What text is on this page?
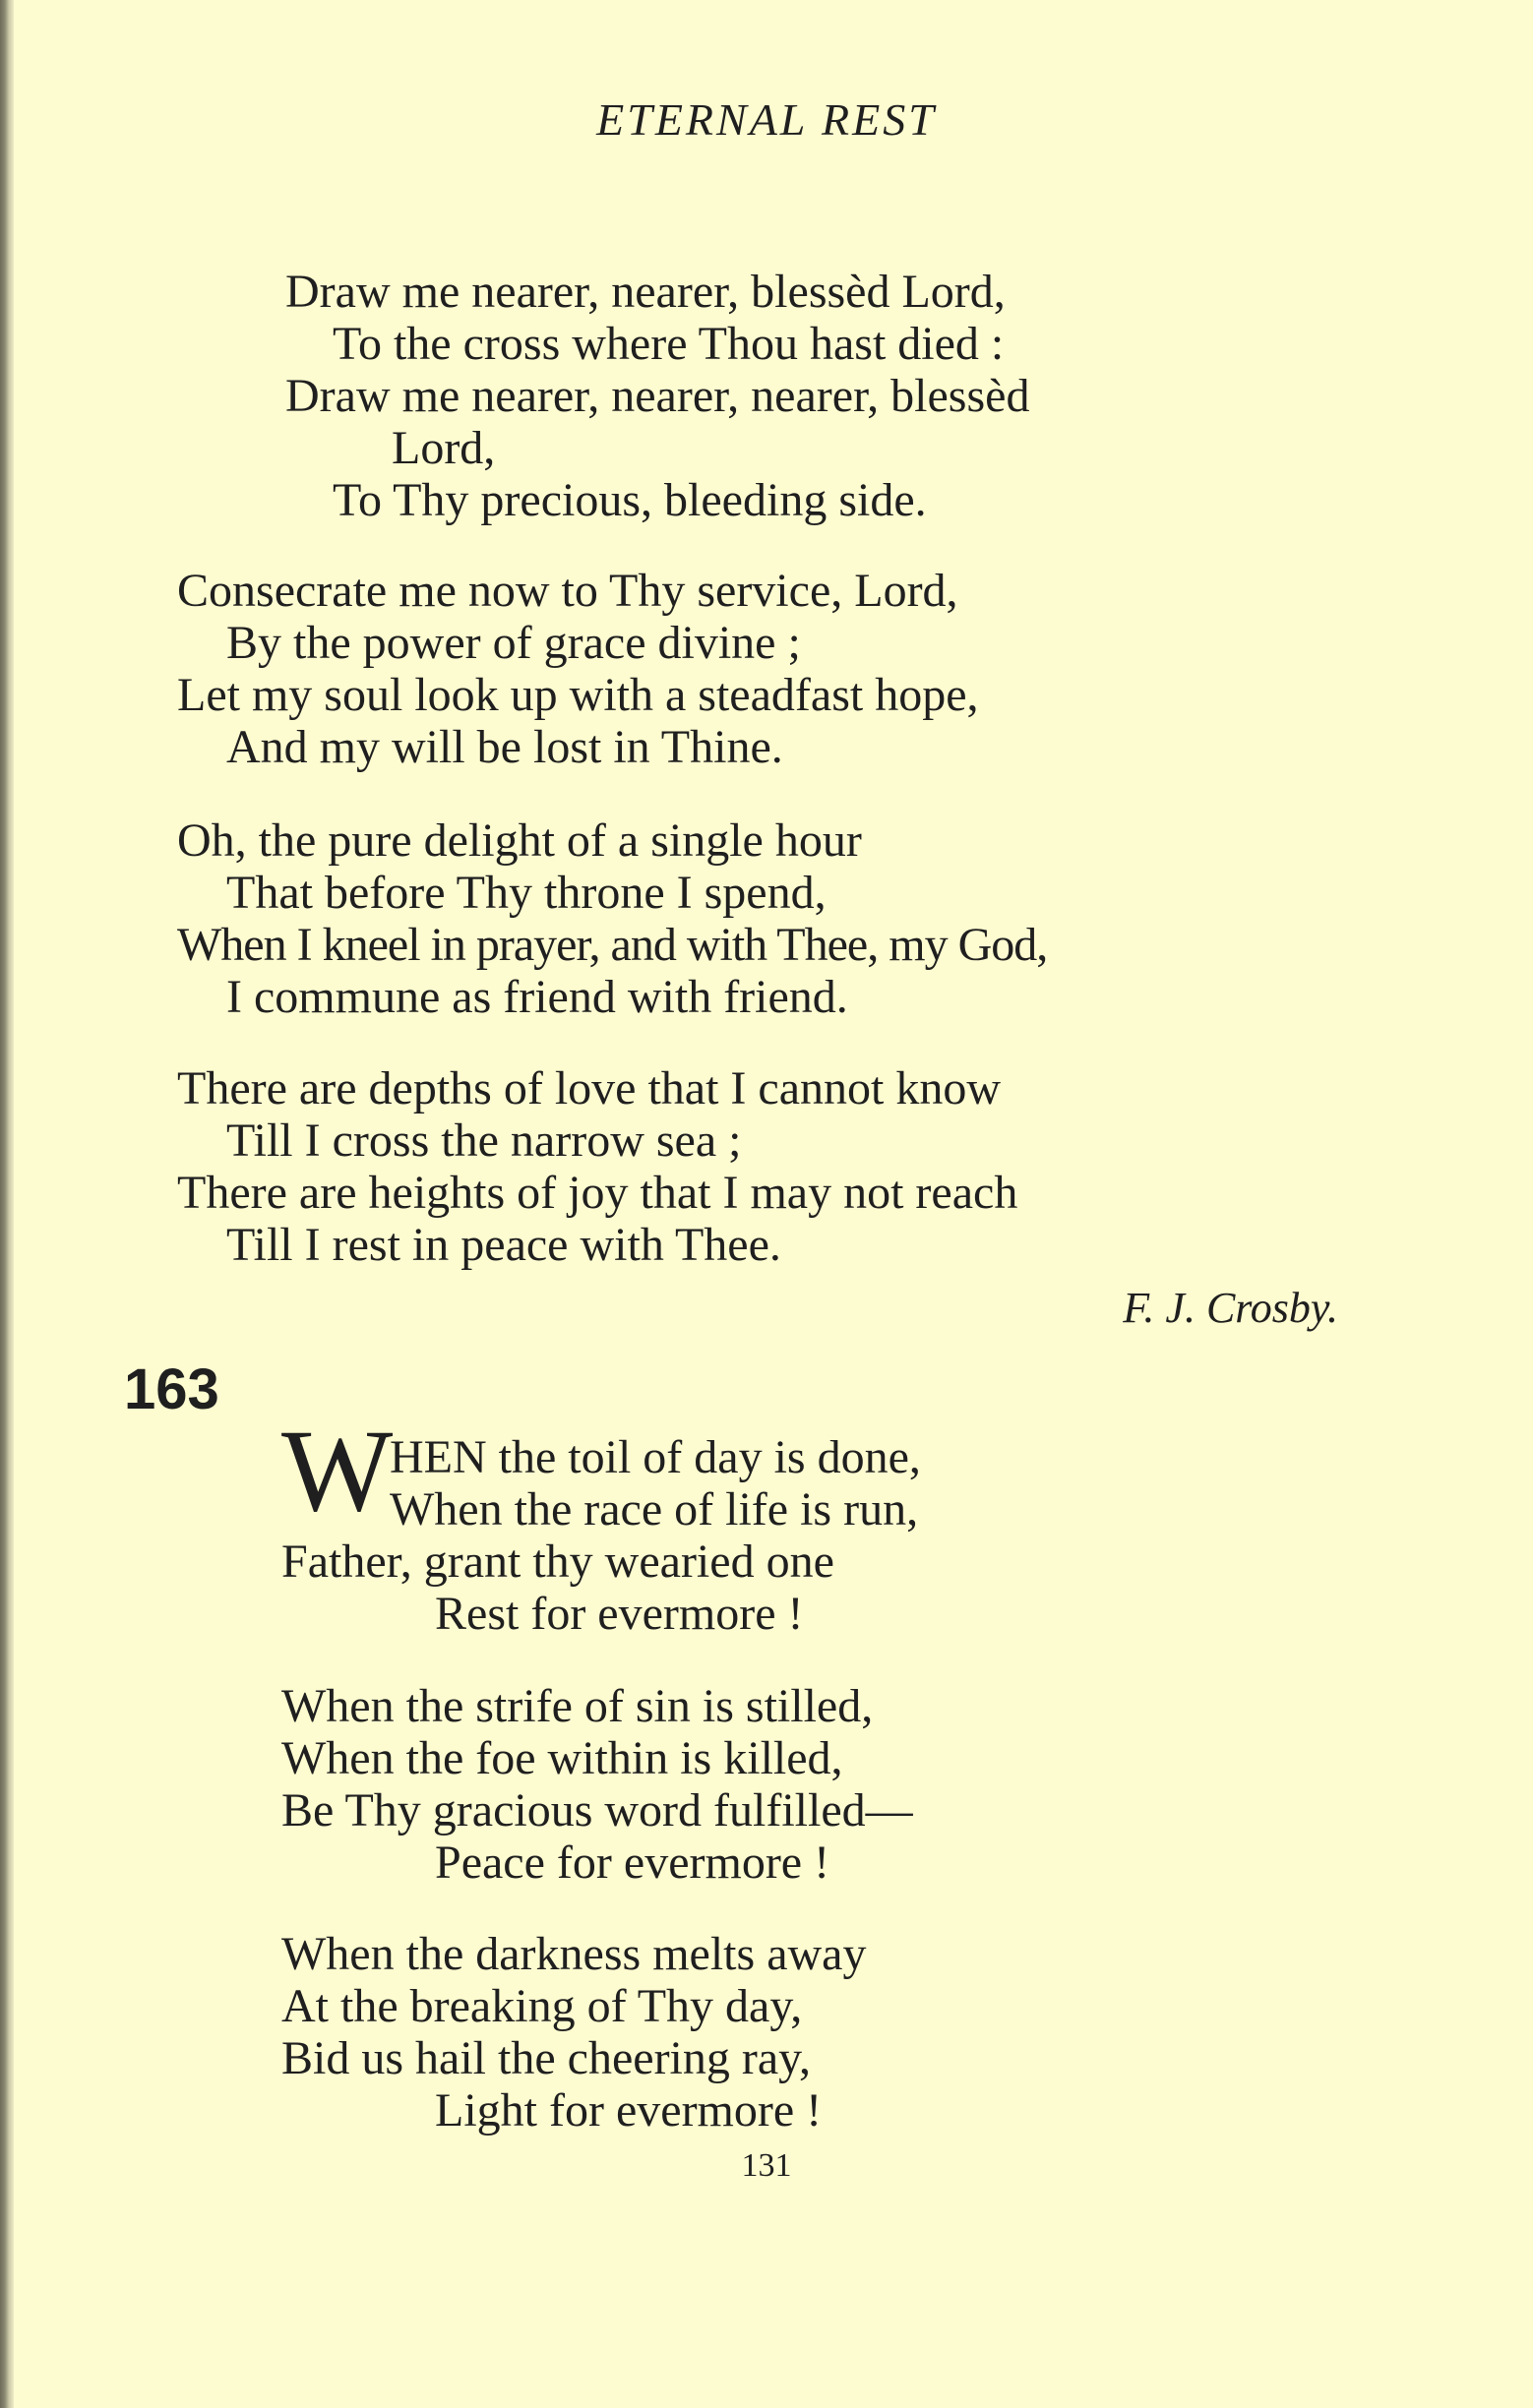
ETERNAL REST
Draw me nearer, nearer, blessèd Lord,
To the cross where Thou hast died :
Draw me nearer, nearer, nearer, blessèd
Lord,
To Thy precious, bleeding side.
Consecrate me now to Thy service, Lord,
By the power of grace divine ;
Let my soul look up with a steadfast hope,
And my will be lost in Thine.
Oh, the pure delight of a single hour
That before Thy throne I spend,
When I kneel in prayer, and with Thee, my God,
I commune as friend with friend.
There are depths of love that I cannot know
Till I cross the narrow sea ;
There are heights of joy that I may not reach
Till I rest in peace with Thee.
F. J. Crosby.
163
W
HEN the toil of day is done,
When the race of life is run,
Father, grant thy wearied one
Rest for evermore !
When the strife of sin is stilled,
When the foe within is killed,
Be Thy gracious word fulfilled—
Peace for evermore !
When the darkness melts away
At the breaking of Thy day,
Bid us hail the cheering ray,
Light for evermore !
131
